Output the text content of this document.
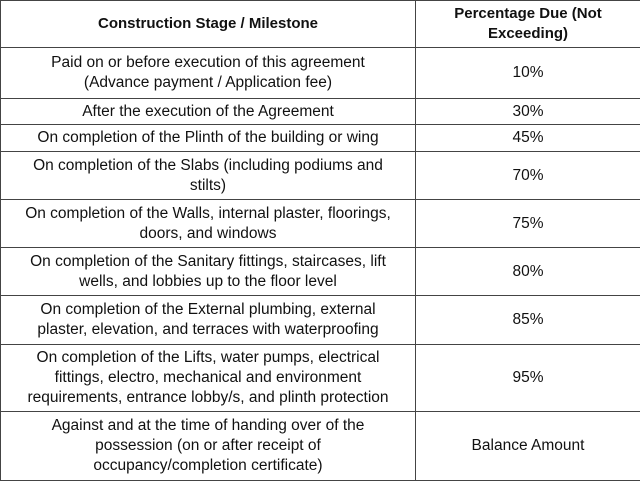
Construction Stage / Milestone	Percentage Due (Not
Exceeding)
Paid on or before execution of this agreement
(Advance payment / Application fee)	10%
After the execution of the Agreement	30%
On completion of the Plinth of the building or wing	45%
On completion of the Slabs (including podiums and
stilts)	70%
On completion of the Walls, internal plaster, floorings,
doors, and windows	75%
On completion of the Sanitary fittings, staircases, lift
wells, and lobbies up to the floor level	80%
On completion of the External plumbing, external
plaster, elevation, and terraces with waterproofing	85%
On completion of the Lifts, water pumps, electrical
fittings, electro, mechanical and environment
requirements, entrance lobby/s, and plinth protection	95%
Against and at the time of handing over of the
possession (on or after receipt of
occupancy/completion certificate)	Balance Amount
